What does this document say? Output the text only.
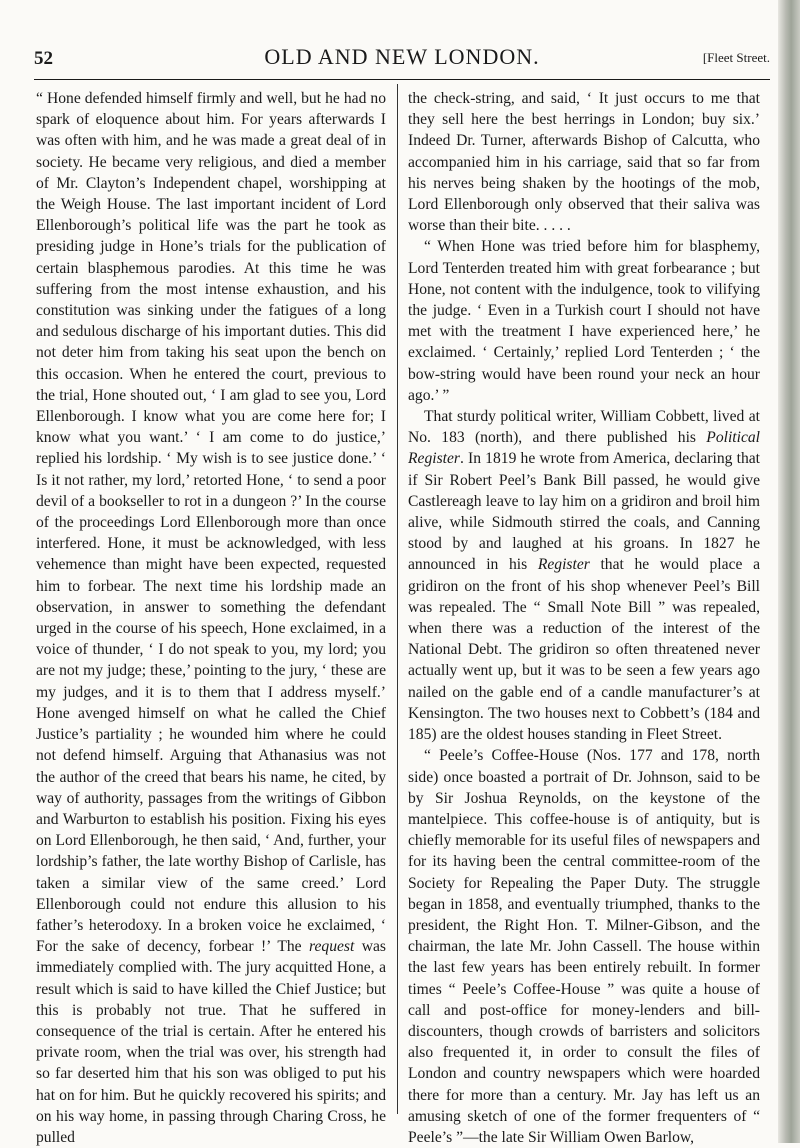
52	OLD AND NEW LONDON.	[Fleet Street.

“ Hone defended himself firmly and well, but he had no spark of eloquence about him. For years afterwards I was often with him, and he was made a great deal of in society. He became very religious, and died a member of Mr. Clayton’s Independent chapel, worshipping at the Weigh House. The last important incident of Lord Ellenborough’s political life was the part he took as presiding judge in Hone’s trials for the publication of certain blasphemous parodies. At this time he was suffering from the most intense exhaustion, and his constitution was sinking under the fatigues of a long and sedulous discharge of his important duties. This did not deter him from taking his seat upon the bench on this occasion. When he entered the court, previous to the trial, Hone shouted out, ‘ I am glad to see you, Lord Ellenborough. I know what you are come here for; I know what you want.’ ‘ I am come to do justice,’ replied his lordship. ‘ My wish is to see justice done.’ ‘ Is it not rather, my lord,’ retorted Hone, ‘ to send a poor devil of a bookseller to rot in a dungeon ?’ In the course of the proceedings Lord Ellenborough more than once interfered. Hone, it must be acknowledged, with less vehemence than might have been expected, requested him to forbear. The next time his lordship made an observation, in answer to something the defendant urged in the course of his speech, Hone exclaimed, in a voice of thunder, ‘ I do not speak to you, my lord; you are not my judge; these,’ pointing to the jury, ‘ these are my judges, and it is to them that I address myself.’ Hone avenged himself on what he called the Chief Justice’s partiality ; he wounded him where he could not defend himself. Arguing that Athanasius was not the author of the creed that bears his name, he cited, by way of authority, passages from the writings of Gibbon and Warburton to establish his position. Fixing his eyes on Lord Ellenborough, he then said, ‘ And, further, your lordship’s father, the late worthy Bishop of Carlisle, has taken a similar view of the same creed.’ Lord Ellenborough could not endure this allusion to his father’s heterodoxy. In a broken voice he exclaimed, ‘ For the sake of decency, forbear !’ The request was immediately complied with. The jury acquitted Hone, a result which is said to have killed the Chief Justice; but this is probably not true. That he suffered in consequence of the trial is certain. After he entered his private room, when the trial was over, his strength had so far deserted him that his son was obliged to put his hat on for him. But he quickly recovered his spirits; and on his way home, in passing through Charing Cross, he pulled

the check-string, and said, ‘ It just occurs to me that they sell here the best herrings in London; buy six.’ Indeed Dr. Turner, afterwards Bishop of Calcutta, who accompanied him in his carriage, said that so far from his nerves being shaken by the hootings of the mob, Lord Ellenborough only observed that their saliva was worse than their bite. . . . .

“ When Hone was tried before him for blasphemy, Lord Tenterden treated him with great forbearance ; but Hone, not content with the indulgence, took to vilifying the judge. ‘ Even in a Turkish court I should not have met with the treatment I have experienced here,’ he exclaimed. ‘ Certainly,’ replied Lord Tenterden ; ‘ the bow-string would have been round your neck an hour ago.’ ”

That sturdy political writer, William Cobbett, lived at No. 183 (north), and there published his Political Register. In 1819 he wrote from America, declaring that if Sir Robert Peel’s Bank Bill passed, he would give Castlereagh leave to lay him on a gridiron and broil him alive, while Sidmouth stirred the coals, and Canning stood by and laughed at his groans. In 1827 he announced in his Register that he would place a gridiron on the front of his shop whenever Peel’s Bill was repealed. The “ Small Note Bill ” was repealed, when there was a reduction of the interest of the National Debt. The gridiron so often threatened never actually went up, but it was to be seen a few years ago nailed on the gable end of a candle manufacturer’s at Kensington. The two houses next to Cobbett’s (184 and 185) are the oldest houses standing in Fleet Street.

“ Peele’s Coffee-House (Nos. 177 and 178, north side) once boasted a portrait of Dr. Johnson, said to be by Sir Joshua Reynolds, on the keystone of the mantelpiece. This coffee-house is of antiquity, but is chiefly memorable for its useful files of newspapers and for its having been the central committee-room of the Society for Repealing the Paper Duty. The struggle began in 1858, and eventually triumphed, thanks to the president, the Right Hon. T. Milner-Gibson, and the chairman, the late Mr. John Cassell. The house within the last few years has been entirely rebuilt. In former times “ Peele’s Coffee-House ” was quite a house of call and post-office for money-lenders and bill-discounters, though crowds of barristers and solicitors also frequented it, in order to consult the files of London and country newspapers which were hoarded there for more than a century. Mr. Jay has left us an amusing sketch of one of the former frequenters of “ Peele’s ”—the late Sir William Owen Barlow,
